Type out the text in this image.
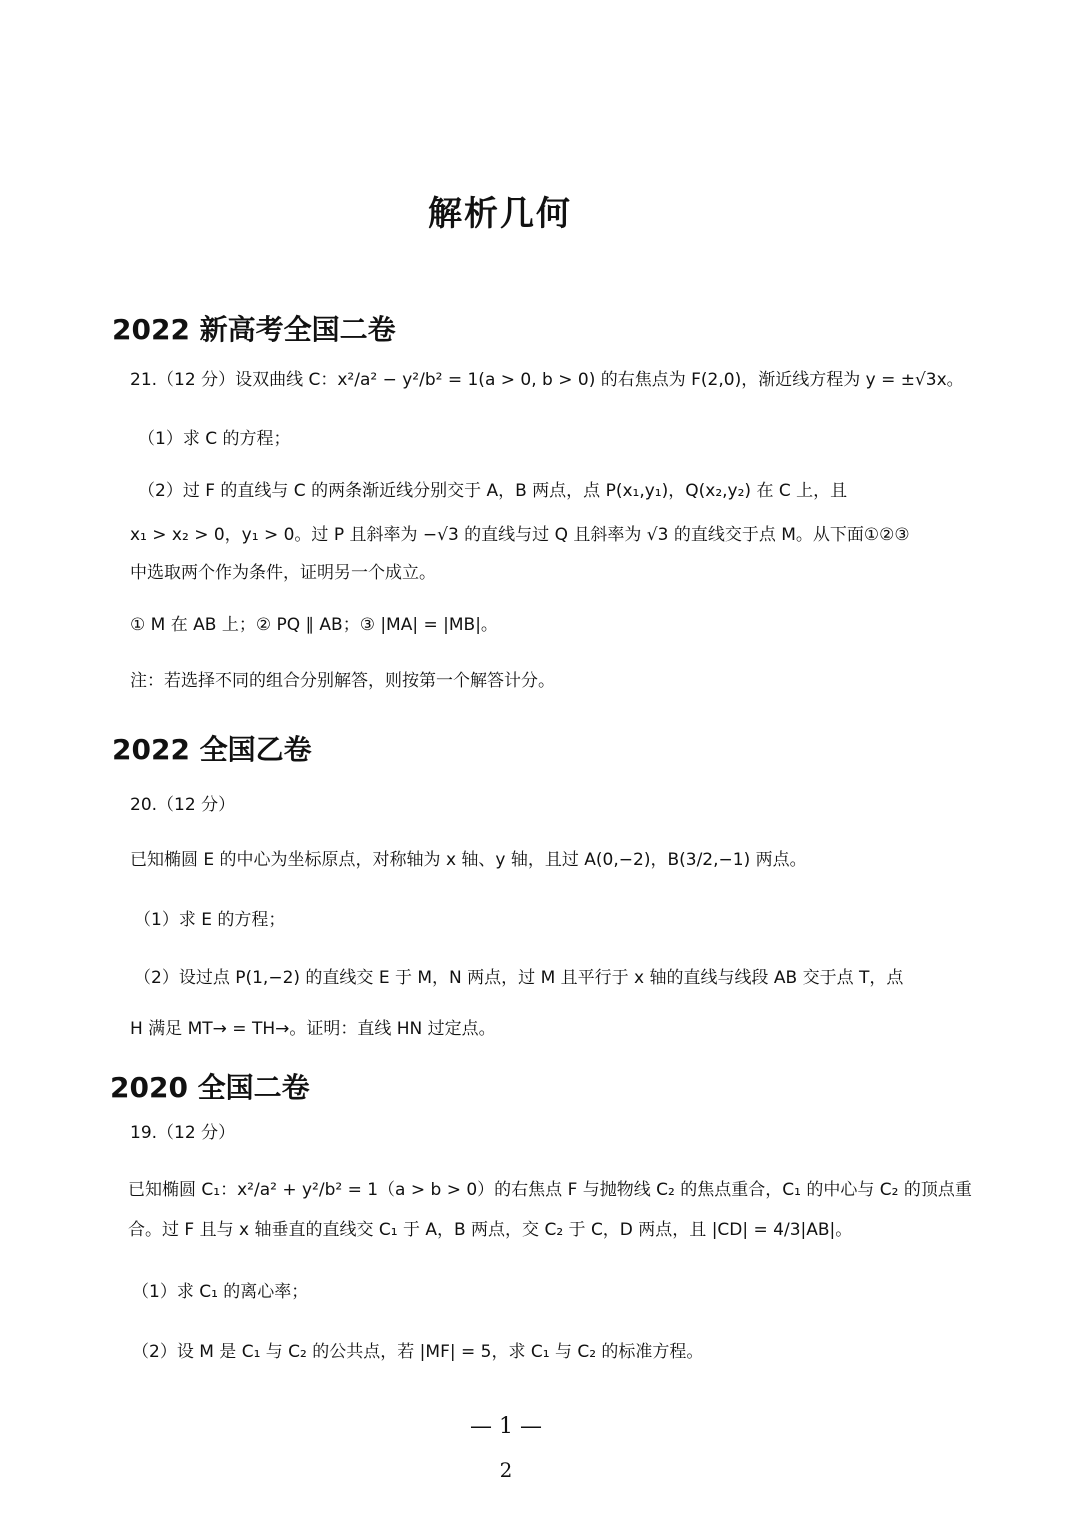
解析几何
2022 新高考全国二卷
21.（12 分）设双曲线 C：x²/a² − y²/b² = 1(a > 0, b > 0) 的右焦点为 F(2,0)，渐近线方程为 y = ±√3x。
（1）求 C 的方程；
（2）过 F 的直线与 C 的两条渐近线分别交于 A，B 两点，点 P(x₁,y₁)，Q(x₂,y₂) 在 C 上，且
x₁ > x₂ > 0，y₁ > 0。过 P 且斜率为 −√3 的直线与过 Q 且斜率为 √3 的直线交于点 M。从下面①②③
中选取两个作为条件，证明另一个成立。
① M 在 AB 上；② PQ ∥ AB；③ |MA| = |MB|。
注：若选择不同的组合分别解答，则按第一个解答计分。
2022 全国乙卷
20.（12 分）
已知椭圆 E 的中心为坐标原点，对称轴为 x 轴、y 轴，且过 A(0,−2)，B(3/2,−1) 两点。
（1）求 E 的方程；
（2）设过点 P(1,−2) 的直线交 E 于 M，N 两点，过 M 且平行于 x 轴的直线与线段 AB 交于点 T，点
H 满足 MT→ = TH→。证明：直线 HN 过定点。
2020 全国二卷
19.（12 分）
已知椭圆 C₁：x²/a² + y²/b² = 1（a > b > 0）的右焦点 F 与抛物线 C₂ 的焦点重合，C₁ 的中心与 C₂ 的顶点重
合。过 F 且与 x 轴垂直的直线交 C₁ 于 A，B 两点，交 C₂ 于 C，D 两点，且 |CD| = 4/3|AB|。
（1）求 C₁ 的离心率；
（2）设 M 是 C₁ 与 C₂ 的公共点，若 |MF| = 5，求 C₁ 与 C₂ 的标准方程。
— 1 —
2
